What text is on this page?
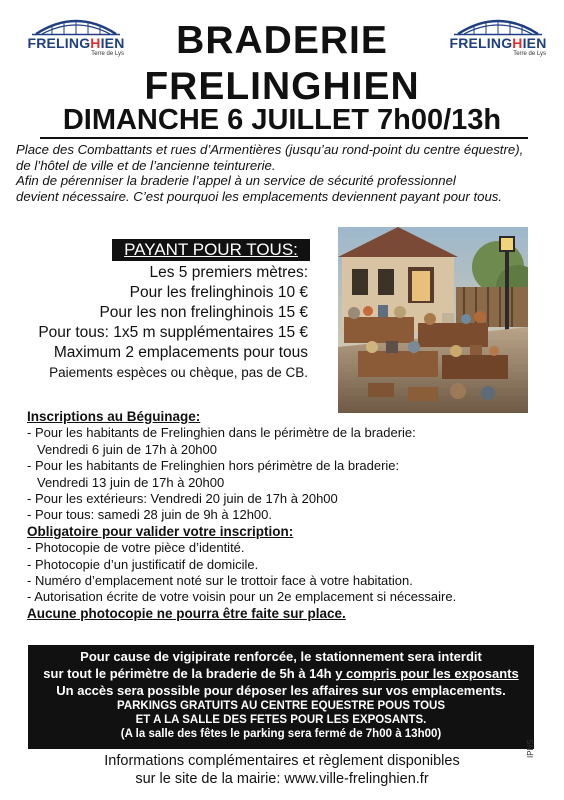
FRELINGHIEN
Terre de Lys
FRELINGHIEN
Terre de Lys
BRADERIE
FRELINGHIEN
DIMANCHE 6 JUILLET 7h00/13h
Place des Combattants et rues d’Armentières (jusqu’au rond-point du centre équestre),
de l’hôtel de ville et de l’ancienne teinturerie.
Afin de pérenniser la braderie l’appel à un service de sécurité professionnel
devient nécessaire. C’est pourquoi les emplacements deviennent payant pour tous.
PAYANT POUR TOUS:
Les 5 premiers mètres:
Pour les frelinghinois 10 €
Pour les non frelinghinois 15 €
Pour tous: 1x5 m supplémentaires 15 €
Maximum 2 emplacements pour tous
Paiements espèces ou chèque, pas de CB.
Inscriptions au Béguinage:
- Pour les habitants de Frelinghien dans le périmètre de la braderie:
Vendredi 6 juin de 17h à 20h00
- Pour les habitants de Frelinghien hors périmètre de la braderie:
Vendredi 13 juin de 17h à 20h00
- Pour les extérieurs: Vendredi 20 juin de 17h à 20h00
- Pour tous: samedi 28 juin de 9h à 12h00.
Obligatoire pour valider votre inscription:
- Photocopie de votre pièce d’identité.
- Photocopie d’un justificatif de domicile.
- Numéro d’emplacement noté sur le trottoir face à votre habitation.
- Autorisation écrite de votre voisin pour un 2e emplacement si nécessaire.
Aucune photocopie ne pourra être faite sur place.
Pour cause de vigipirate renforcée, le stationnement sera interdit
sur tout le périmètre de la braderie de 5h à 14h y compris pour les exposants
Un accès sera possible pour déposer les affaires sur vos emplacements.
PARKINGS GRATUITS AU CENTRE EQUESTRE POUS TOUS
ET A LA SALLE DES FETES POUR LES EXPOSANTS.
(A la salle des fêtes le parking sera fermé de 7h00 à 13h00)
Informations complémentaires et règlement disponibles
sur le site de la mairie: www.ville-frelinghien.fr
IPNS
